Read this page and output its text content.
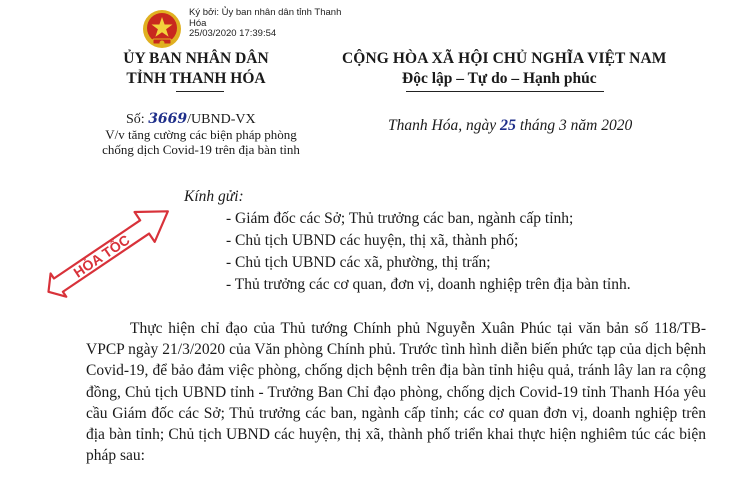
Ký bởi: Ủy ban nhân dân tỉnh Thanh
Hóa
25/03/2020 17:39:54
ỦY BAN NHÂN DÂN
TỈNH THANH HÓA
CỘNG HÒA XÃ HỘI CHỦ NGHĨA VIỆT NAM
Độc lập – Tự do – Hạnh phúc
Số: 3669/UBND-VX
V/v tăng cường các biện pháp phòng
chống dịch Covid-19 trên địa bàn tỉnh
Thanh Hóa, ngày 25 tháng 3 năm 2020
HỎA TỐC
Kính gửi:
- Giám đốc các Sở; Thủ trưởng các ban, ngành cấp tỉnh;
- Chủ tịch UBND các huyện, thị xã, thành phố;
- Chủ tịch UBND các xã, phường, thị trấn;
- Thủ trưởng các cơ quan, đơn vị, doanh nghiệp trên địa bàn tỉnh.
Thực hiện chỉ đạo của Thủ tướng Chính phủ Nguyễn Xuân Phúc tại văn bản số 118/TB-VPCP ngày 21/3/2020 của Văn phòng Chính phủ. Trước tình hình diễn biến phức tạp của dịch bệnh Covid-19, để bảo đảm việc phòng, chống dịch bệnh trên địa bàn tỉnh hiệu quả, tránh lây lan ra cộng đồng, Chủ tịch UBND tỉnh - Trưởng Ban Chỉ đạo phòng, chống dịch Covid-19 tỉnh Thanh Hóa yêu cầu Giám đốc các Sở; Thủ trưởng các ban, ngành cấp tỉnh; các cơ quan đơn vị, doanh nghiệp trên địa bàn tỉnh; Chủ tịch UBND các huyện, thị xã, thành phố triển khai thực hiện nghiêm túc các biện pháp sau:
